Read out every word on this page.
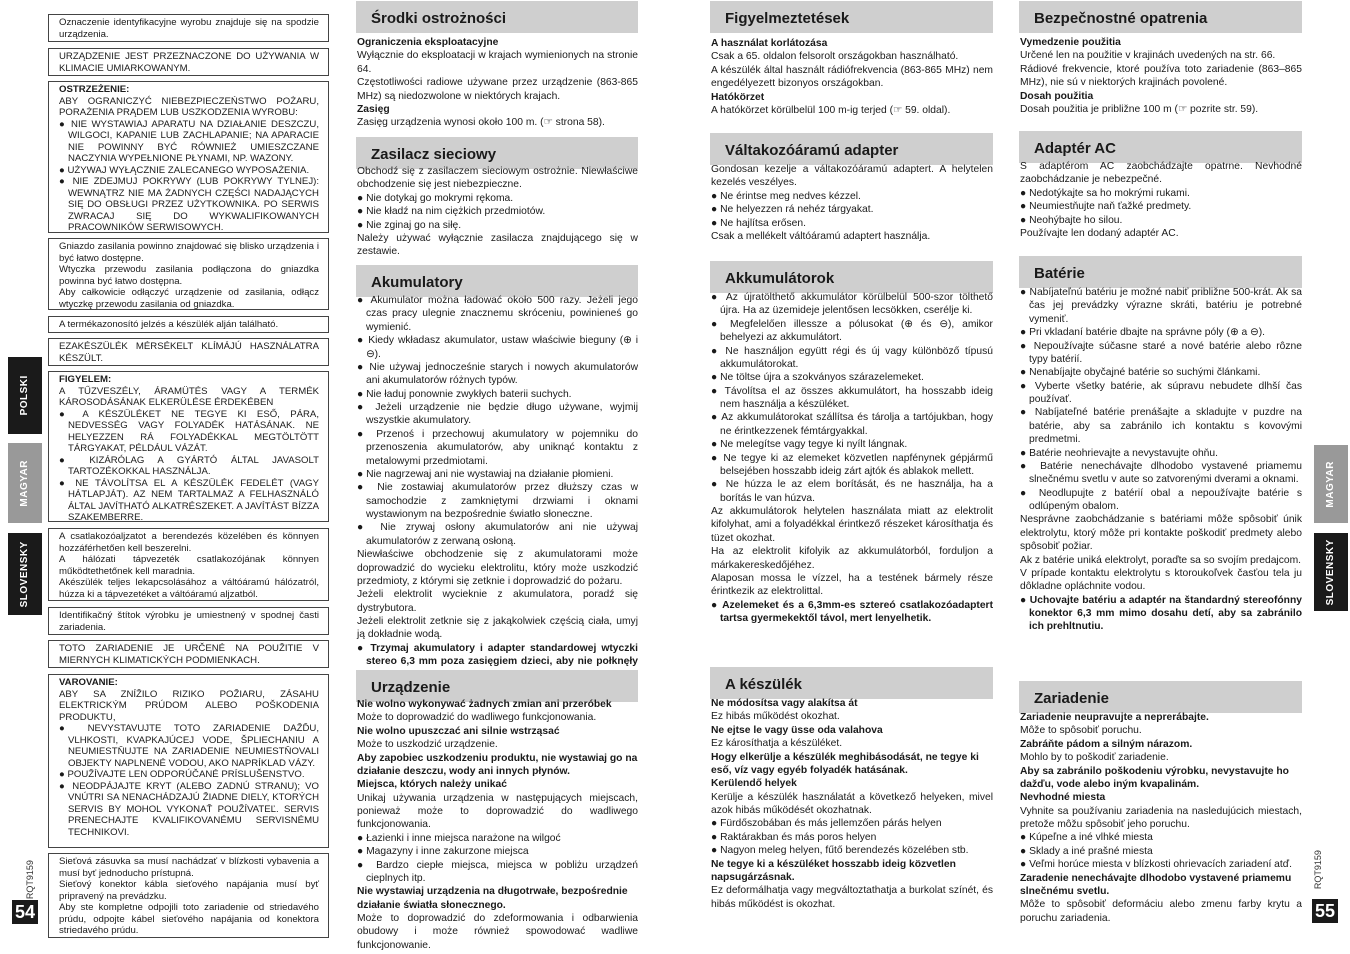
Oznaczenie identyfikacyjne wyrobu znajduje się na spodzie urządzenia.

URZĄDZENIE JEST PRZEZNACZONE DO UŻYWANIA W KLIMACIE UMIARKOWANYM.

OSTRZEŻENIE:
ABY OGRANICZYĆ NIEBEZPIECZEŃSTWO POŻARU, PORAŻENIA PRĄDEM LUB USZKODZENIA WYROBU:
● NIE WYSTAWIAJ APARATU NA DZIAŁANIE DESZCZU, WILGOCI, KAPANIE LUB ZACHLAPANIE; NA APARACIE NIE POWINNY BYĆ RÓWNIEŻ UMIESZCZANE NACZYNIA WYPEŁNIONE PŁYNAMI, NP. WAZONY.
● UŻYWAJ WYŁĄCZNIE ZALECANEGO WYPOSAŻENIA.
● NIE ZDEJMUJ POKRYWY (LUB POKRYWY TYLNEJ): WEWNĄTRZ NIE MA ŻADNYCH CZĘŚCI NADAJĄCYCH SIĘ DO OBSŁUGI PRZEZ UŻYTKOWNIKA. PO SERWIS ZWRACAJ SIĘ DO WYKWALIFIKOWANYCH PRACOWNIKÓW SERWISOWYCH.

Gniazdo zasilania powinno znajdować się blisko urządzenia i być łatwo dostępne.

Wtyczka przewodu zasilania podłączona do gniazdka powinna być łatwo dostępna.

Aby całkowicie odłączyć urządzenie od zasilania, odłącz wtyczkę przewodu zasilania od gniazdka.

A termékazonosító jelzés a készülék alján található.

EZAKÉSZÜLÉK MÉRSÉKELT KLÍMÁJÚ HASZNÁLATRA KÉSZÜLT.

FIGYELEM:
A TŰZVESZÉLY, ÁRAMÜTÉS VAGY A TERMÉK KÁROSODÁSÁNAK ELKERÜLÉSE ÉRDEKÉBEN
● A KÉSZÜLÉKET NE TEGYE KI ESŐ, PÁRA, NEDVESSÉG VAGY FOLYADÉK HATÁSÁNAK. NE HELYEZZEN RÁ FOLYADÉKKAL MEGTÖLTÖTT TÁRGYAKAT, PÉLDÁUL VÁZÁT.
● KIZÁRÓLAG A GYÁRTÓ ÁLTAL JAVASOLT TARTOZÉKOKKAL HASZNÁLJA.
● NE TÁVOLÍTSA EL A KÉSZÜLÉK FEDELÉT (VAGY HÁTLAPJÁT). AZ NEM TARTALMAZ A FELHASZNÁLÓ ÁLTAL JAVÍTHATÓ ALKATRÉSZEKET. A JAVÍTÁST BÍZZA SZAKEMBERRE.

A csatlakozóaljzatot a berendezés közelében és könnyen hozzáférhetően kell beszerelni.

A hálózati tápvezeték csatlakozójának könnyen működtethetőnek kell maradnia.

Akészülék teljes lekapcsolásához a váltóáramú hálózatról, húzza ki a tápvezetéket a váltóáramú aljzatból.

Identifikačný štítok výrobku je umiestnený v spodnej časti zariadenia.

TOTO ZARIADENIE JE URČENÉ NA POUŽITIE V MIERNYCH KLIMATICKÝCH PODMIENKACH.

VAROVANIE:
ABY SA ZNÍŽILO RIZIKO POŽIARU, ZÁSAHU ELEKTRICKÝM PRÚDOM ALEBO POŠKODENIA PRODUKTU,
● NEVYSTAVUJTE TOTO ZARIADENIE DAŽĎU, VLHKOSTI, KVAPKAJÚCEJ VODE, ŠPLIECHANIU A NEUMIESTŇUJTE NA ZARIADENIE NEUMIESTŇOVALI OBJEKTY NAPLNENÉ VODOU, AKO NAPRÍKLAD VÁZY.
● POUŽÍVAJTE LEN ODPORÚČANÉ PRÍSLUŠENSTVO.
● NEODPÁJAJTE KRYT (ALEBO ZADNÚ STRANU); VO VNÚTRI SA NENACHÁDZAJÚ ŽIADNE DIELY, KTORÝCH SERVIS BY MOHOL VYKONAŤ POUŽÍVATEĽ. SERVIS PRENECHAJTE KVALIFIKOVANÉMU SERVISNÉMU TECHNIKOVI.

Sieťová zásuvka sa musí nachádzať v blízkosti vybavenia a musí byť jednoducho prístupná.

Sieťový konektor kábla sieťového napájania musí byť pripravený na prevádzku.

Aby ste kompletne odpojili toto zariadenie od striedavého prúdu, odpojte kábel sieťového napájania od konektora striedavého prúdu.

POLSKI
MAGYAR
SLOVENSKY
RQT9159
54
MAGYAR
SLOVENSKY
RQT9159
55
Środki ostrożności
Ograniczenia eksploatacyjne
Wyłącznie do eksploatacji w krajach wymienionych na stronie 64.
Częstotliwości radiowe używane przez urządzenie (863-865 MHz) są niedozwolone w niektórych krajach.
Zasięg
Zasięg urządzenia wynosi około 100 m. (☞ strona 58).
Zasilacz sieciowy
Obchodź się z zasilaczem sieciowym ostrożnie. Niewłaściwe obchodzenie się jest niebezpieczne.
● Nie dotykaj go mokrymi rękoma.
● Nie kładź na nim ciężkich przedmiotów.
● Nie zginaj go na siłę.
Należy używać wyłącznie zasilacza znajdującego się w zestawie.
Akumulatory
● Akumulator można ładować około 500 razy. Jeżeli jego czas pracy ulegnie znacznemu skróceniu, powinieneś go wymienić.
● Kiedy wkładasz akumulator, ustaw właściwie bieguny (⊕ i ⊖).
● Nie używaj jednocześnie starych i nowych akumulatorów ani akumulatorów różnych typów.
● Nie ładuj ponownie zwykłych baterii suchych.
● Jeżeli urządzenie nie będzie długo używane, wyjmij wszystkie akumulatory.
● Przenoś i przechowuj akumulatory w pojemniku do przenoszenia akumulatorów, aby uniknąć kontaktu z metalowymi przedmiotami.
● Nie nagrzewaj ani nie wystawiaj na działanie płomieni.
● Nie zostawiaj akumulatorów przez dłuższy czas w samochodzie z zamkniętymi drzwiami i oknami wystawionym na bezpośrednie światło słoneczne.
● Nie zrywaj osłony akumulatorów ani nie używaj akumulatorów z zerwaną osłoną.
Niewłaściwe obchodzenie się z akumulatorami może doprowadzić do wycieku elektrolitu, który może uszkodzić przedmioty, z którymi się zetknie i doprowadzić do pożaru.
Jeżeli elektrolit wycieknie z akumulatora, poradź się dystrybutora.
Jeżeli elektrolit zetknie się z jakąkolwiek częścią ciała, umyj ją dokładnie wodą.
● Trzymaj akumulatory i adapter standardowej wtyczki stereo 6,3 mm poza zasięgiem dzieci, aby nie połknęły
Urządzenie
Nie wolno wykonywać żadnych zmian ani przeróbek
Może to doprowadzić do wadliwego funkcjonowania.
Nie wolno upuszczać ani silnie wstrząsać
Może to uszkodzić urządzenie.
Aby zapobiec uszkodzeniu produktu, nie wystawiaj go na działanie deszczu, wody ani innych płynów.
Miejsca, których należy unikać
Unikaj używania urządzenia w następujących miejscach, ponieważ może to doprowadzić do wadliwego funkcjonowania.
● Łazienki i inne miejsca narażone na wilgoć
● Magazyny i inne zakurzone miejsca
● Bardzo ciepłe miejsca, miejsca w pobliżu urządzeń cieplnych itp.
Nie wystawiaj urządzenia na długotrwałe, bezpośrednie działanie światła słonecznego.
Może to doprowadzić do zdeformowania i odbarwienia obudowy i może również spowodować wadliwe funkcjonowanie.
Figyelmeztetések
A használat korlátozása
Csak a 65. oldalon felsorolt országokban használható.
A készülék által használt rádiófrekvencia (863-865 MHz) nem engedélyezett bizonyos országokban.
Hatókörzet
A hatókörzet körülbelül 100 m-ig terjed (☞ 59. oldal).
Váltakozóáramú adapter
Gondosan kezelje a váltakozóáramú adaptert. A helytelen kezelés veszélyes.
● Ne érintse meg nedves kézzel.
● Ne helyezzen rá nehéz tárgyakat.
● Ne hajlítsa erősen.
Csak a mellékelt váltóáramú adaptert használja.
Akkumulátorok
● Az újratölthető akkumulátor körülbelül 500-szor tölthető újra. Ha az üzemideje jelentősen lecsökken, cserélje ki.
● Megfelelően illessze a pólusokat (⊕ és ⊖), amikor behelyezi az akkumulátort.
● Ne használjon együtt régi és új vagy különböző típusú akkumulátorokat.
● Ne töltse újra a szokványos szárazelemeket.
● Távolítsa el az összes akkumulátort, ha hosszabb ideig nem használja a készüléket.
● Az akkumulátorokat szállítsa és tárolja a tartójukban, hogy ne érintkezzenek fémtárgyakkal.
● Ne melegítse vagy tegye ki nyílt lángnak.
● Ne tegye ki az elemeket közvetlen napfénynek gépjármű belsejében hosszabb ideig zárt ajtók és ablakok mellett.
● Ne húzza le az elem borítását, és ne használja, ha a borítás le van húzva.
Az akkumulátorok helytelen használata miatt az elektrolit kifolyhat, ami a folyadékkal érintkező részeket károsíthatja és tüzet okozhat.
Ha az elektrolit kifolyik az akkumulátorból, forduljon a márkakereskedőjéhez.
Alaposan mossa le vízzel, ha a testének bármely része érintkezik az elektrolittal.
● Azelemeket és a 6,3mm-es sztereó csatlakozóadaptert tartsa gyermekektől távol, mert lenyelhetik.
A készülék
Ne módosítsa vagy alakítsa át
Ez hibás működést okozhat.
Ne ejtse le vagy üsse oda valahova
Ez károsíthatja a készüléket.
Hogy elkerülje a készülék meghibásodását, ne tegye ki eső, víz vagy egyéb folyadék hatásának.
Kerülendő helyek
Kerülje a készülék használatát a következő helyeken, mivel azok hibás működését okozhatnak.
● Fürdőszobában és más jellemzően párás helyen
● Raktárakban és más poros helyen
● Nagyon meleg helyen, fűtő berendezés közelében stb.
Ne tegye ki a készüléket hosszabb ideig közvetlen napsugárzásnak.
Ez deformálhatja vagy megváltoztathatja a burkolat színét, és hibás működést is okozhat.
Bezpečnostné opatrenia
Vymedzenie použitia
Určené len na použitie v krajinách uvedených na str. 66.
Rádiové frekvencie, ktoré používa toto zariadenie (863–865 MHz), nie sú v niektorých krajinách povolené.
Dosah použitia
Dosah použitia je približne 100 m (☞ pozrite str. 59).
Adaptér AC
S adaptérom AC zaobchádzajte opatrne. Nevhodné zaobchádzanie je nebezpečné.
● Nedotýkajte sa ho mokrými rukami.
● Neumiestňujte naň ťažké predmety.
● Neohýbajte ho silou.
Používajte len dodaný adaptér AC.
Batérie
● Nabíjateľnú batériu je možné nabiť približne 500-krát. Ak sa čas jej prevádzky výrazne skráti, batériu je potrebné vymeniť.
● Pri vkladaní batérie dbajte na správne póly (⊕ a ⊖).
● Nepoužívajte súčasne staré a nové batérie alebo rôzne typy batérií.
● Nenabíjajte obyčajné batérie so suchými článkami.
● Vyberte všetky batérie, ak súpravu nebudete dlhší čas používať.
● Nabíjateľné batérie prenášajte a skladujte v puzdre na batérie, aby sa zabránilo ich kontaktu s kovovými predmetmi.
● Batérie neohrievajte a nevystavujte ohňu.
● Batérie nenechávajte dlhodobo vystavené priamemu slnečnému svetlu v aute so zatvorenými dverami a oknami.
● Neodlupujte z batérií obal a nepoužívajte batérie s odlúpeným obalom.
Nesprávne zaobchádzanie s batériami môže spôsobiť únik elektrolytu, ktorý môže pri kontakte poškodiť predmety alebo spôsobiť požiar.
Ak z batérie uniká elektrolyt, poraďte sa so svojím predajcom.
V prípade kontaktu elektrolytu s ktoroukoľvek časťou tela ju dôkladne opláchnite vodou.
● Uchovajte batériu a adaptér na štandardný stereofónny konektor 6,3 mm mimo dosahu detí, aby sa zabránilo ich prehltnutiu.
Zariadenie
Zariadenie neupravujte a neprerábajte.
Môže to spôsobiť poruchu.
Zabráňte pádom a silným nárazom.
Mohlo by to poškodiť zariadenie.
Aby sa zabránilo poškodeniu výrobku, nevystavujte ho dažďu, vode alebo iným kvapalinám.
Nevhodné miesta
Vyhnite sa používaniu zariadenia na nasledujúcich miestach, pretože môžu spôsobiť jeho poruchu.
● Kúpeľne a iné vlhké miesta
● Sklady a iné prašné miesta
● Veľmi horúce miesta v blízkosti ohrievacích zariadení atď.
Zaradenie nenechávajte dlhodobo vystavené priamemu slnečnému svetlu.
Môže to spôsobiť deformáciu alebo zmenu farby krytu a poruchu zariadenia.
